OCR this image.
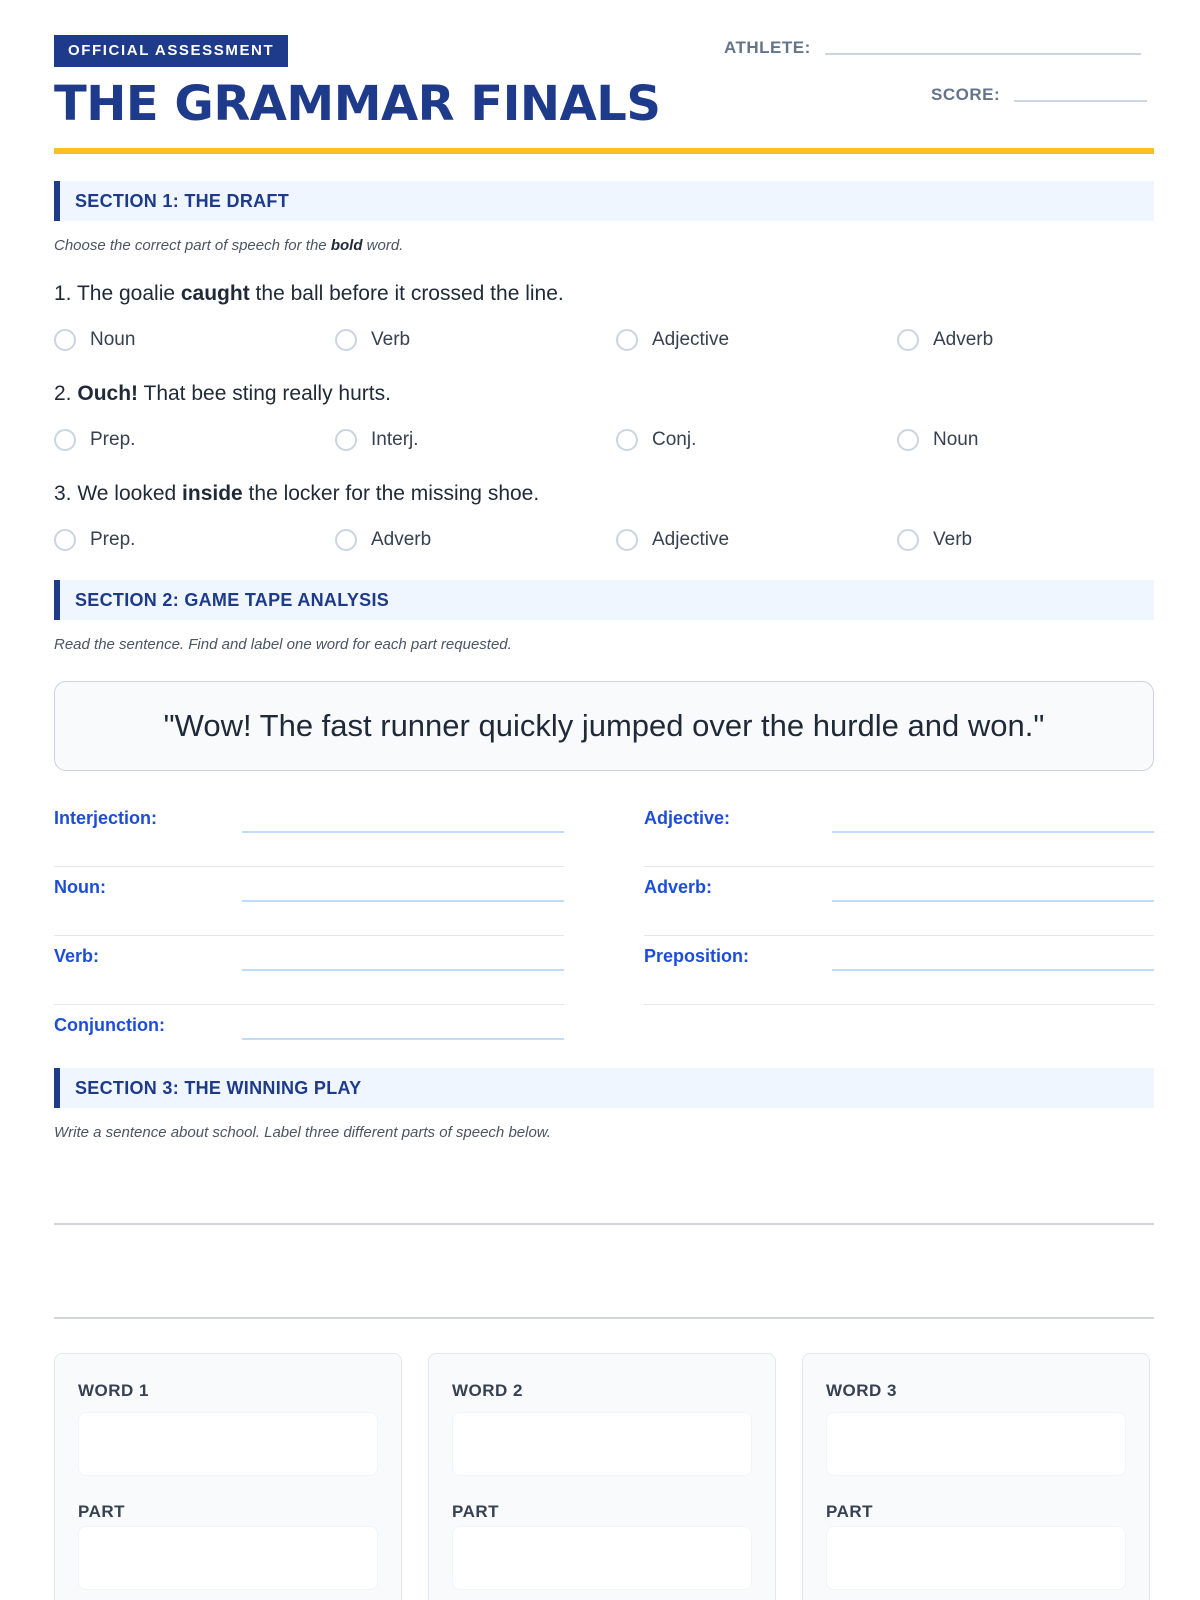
OFFICIAL ASSESSMENT
THE GRAMMAR FINALS
ATHLETE:
SCORE:
SECTION 1: THE DRAFT
Choose the correct part of speech for the bold word.
1. The goalie caught the ball before it crossed the line.
Noun	Verb	Adjective	Adverb
2. Ouch! That bee sting really hurts.
Prep.	Interj.	Conj.	Noun
3. We looked inside the locker for the missing shoe.
Prep.	Adverb	Adjective	Verb
SECTION 2: GAME TAPE ANALYSIS
Read the sentence. Find and label one word for each part requested.
"Wow! The fast runner quickly jumped over the hurdle and won."
Interjection:	Adjective:
Noun:	Adverb:
Verb:	Preposition:
Conjunction:
SECTION 3: THE WINNING PLAY
Write a sentence about school. Label three different parts of speech below.
WORD 1
PART
WORD 2
PART
WORD 3
PART
